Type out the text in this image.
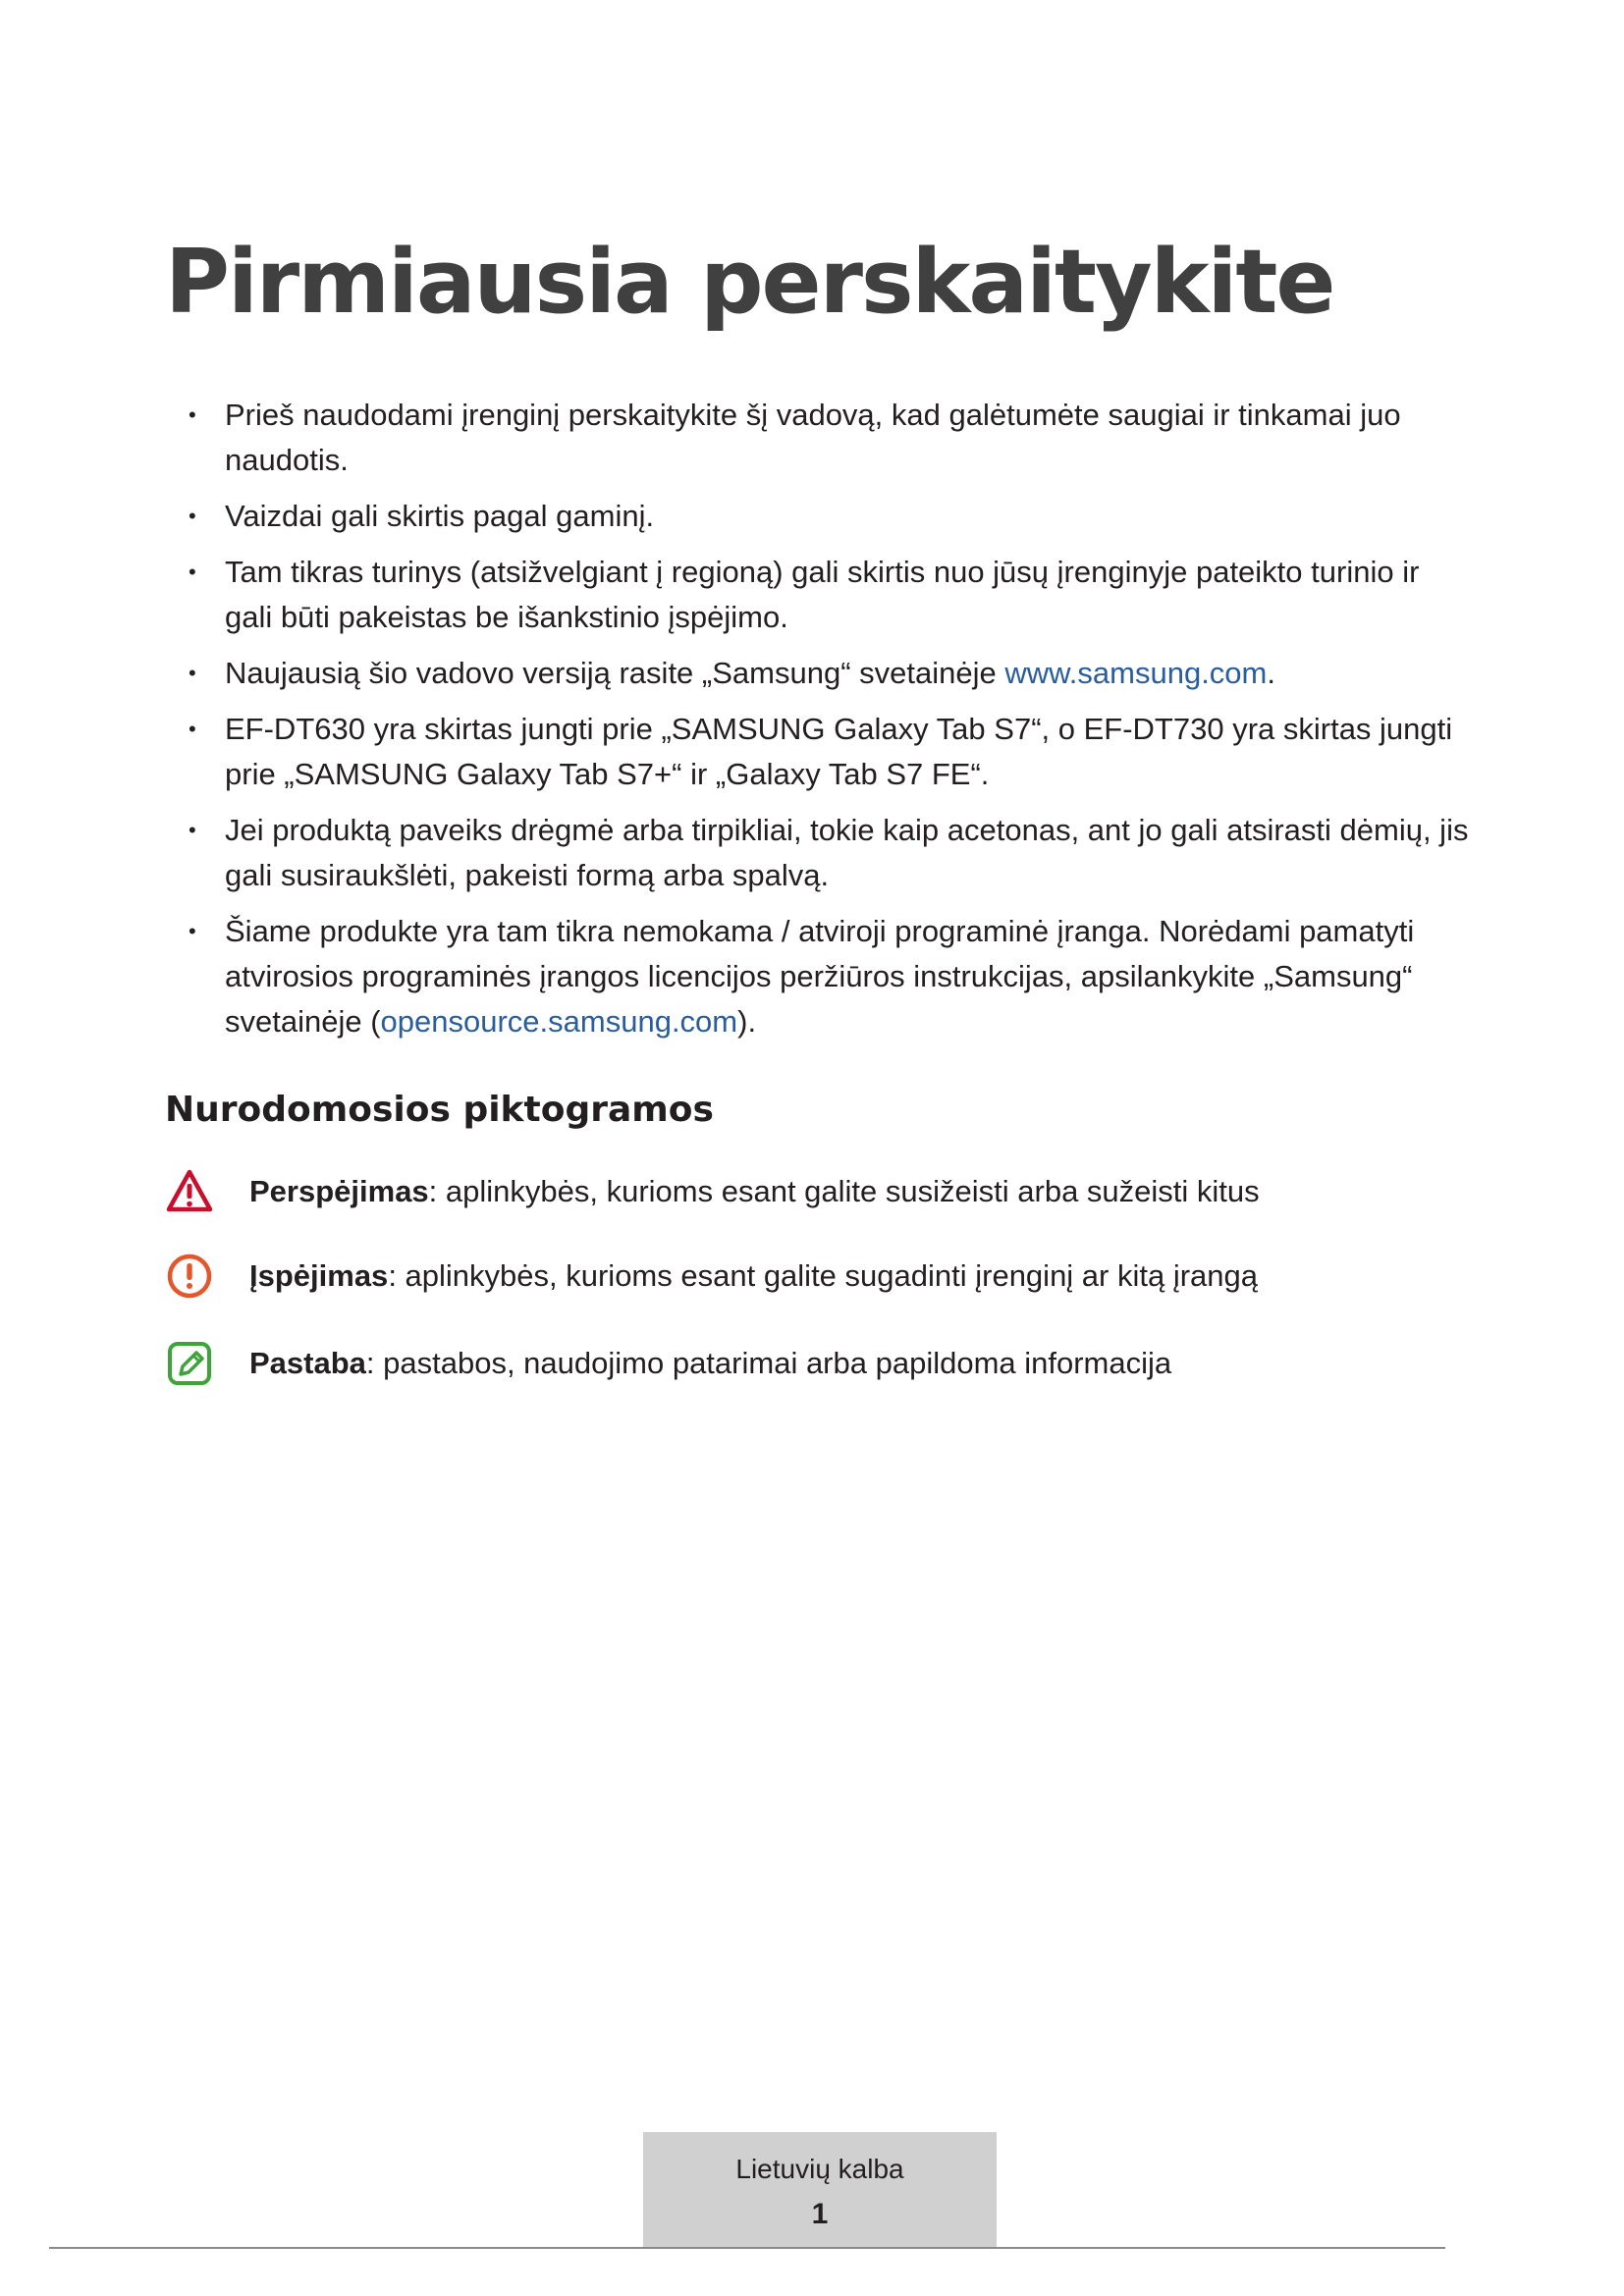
Pirmiausia perskaitykite
• Prieš naudodami įrenginį perskaitykite šį vadovą, kad galėtumėte saugiai ir tinkamai juo naudotis.
• Vaizdai gali skirtis pagal gaminį.
• Tam tikras turinys (atsižvelgiant į regioną) gali skirtis nuo jūsų įrenginyje pateikto turinio ir gali būti pakeistas be išankstinio įspėjimo.
• Naujausią šio vadovo versiją rasite „Samsung“ svetainėje www.samsung.com.
• EF-DT630 yra skirtas jungti prie „SAMSUNG Galaxy Tab S7“, o EF-DT730 yra skirtas jungti prie „SAMSUNG Galaxy Tab S7+“ ir „Galaxy Tab S7 FE“.
• Jei produktą paveiks drėgmė arba tirpikliai, tokie kaip acetonas, ant jo gali atsirasti dėmių, jis gali susiraukšlėti, pakeisti formą arba spalvą.
• Šiame produkte yra tam tikra nemokama / atviroji programinė įranga. Norėdami pamatyti atvirosios programinės įrangos licencijos peržiūros instrukcijas, apsilankykite „Samsung“ svetainėje (opensource.samsung.com).
Nurodomosios piktogramos
Perspėjimas: aplinkybės, kurioms esant galite susižeisti arba sužeisti kitus
Įspėjimas: aplinkybės, kurioms esant galite sugadinti įrenginį ar kitą įrangą
Pastaba: pastabos, naudojimo patarimai arba papildoma informacija
Lietuvių kalba
1
